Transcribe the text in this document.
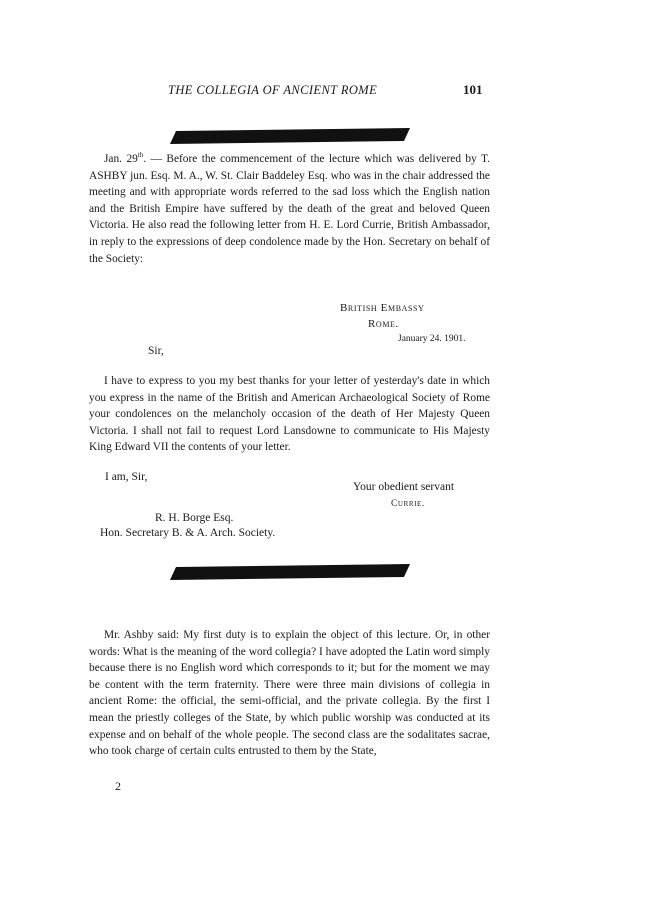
THE COLLEGIA OF ANCIENT ROME	101

Jan. 29th. — Before the commencement of the lecture which was delivered by T. ASHBY jun. Esq. M. A., W. St. Clair Baddeley Esq. who was in the chair addressed the meeting and with appropriate words referred to the sad loss which the English nation and the British Empire have suffered by the death of the great and beloved Queen Victoria. He also read the following letter from H. E. Lord Currie, British Ambassador, in reply to the expressions of deep condolence made by the Hon. Secretary on behalf of the Society:

British Embassy
Rome.
January 24. 1901.
Sir,

I have to express to you my best thanks for your letter of yesterday's date in which you express in the name of the British and American Archaeological Society of Rome your condolences on the melancholy occasion of the death of Her Majesty Queen Victoria. I shall not fail to request Lord Lansdowne to communicate to His Majesty King Edward VII the contents of your letter.

I am, Sir,
Your obedient servant
Currie.
R. H. Borge Esq.
Hon. Secretary B. & A. Arch. Society.

Mr. Ashby said: My first duty is to explain the object of this lecture. Or, in other words: What is the meaning of the word collegia? I have adopted the Latin word simply because there is no English word which corresponds to it; but for the moment we may be content with the term fraternity. There were three main divisions of collegia in ancient Rome: the official, the semi-official, and the private collegia. By the first I mean the priestly colleges of the State, by which public worship was conducted at its expense and on behalf of the whole people. The second class are the sodalitates sacrae, who took charge of certain cults entrusted to them by the State,

2
